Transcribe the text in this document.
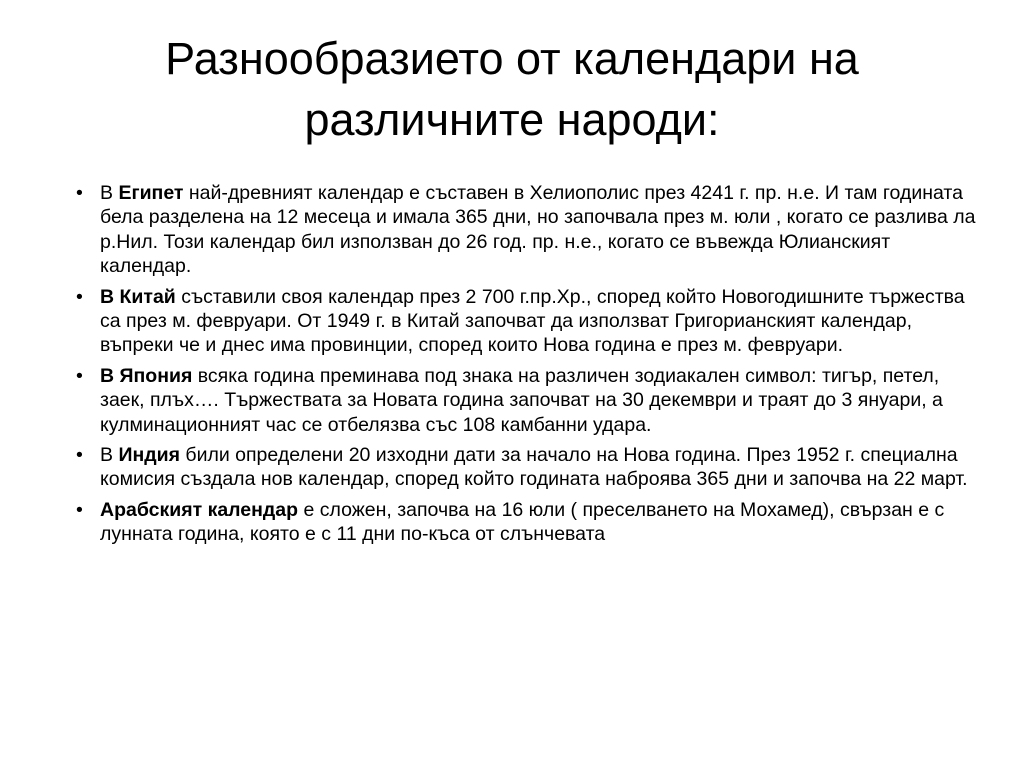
Разнообразието от календари на различните народи:
• В Египет най-древният календар е съставен в Хелиополис през 4241 г. пр. н.е. И там годината бела разделена на 12 месеца и имала 365 дни, но започвала през м. юли , когато се разлива ла р.Нил. Този календар бил използван до 26 год. пр. н.е., когато се въвежда Юлианският календар.
• В Китай съставили своя календар през 2 700 г.пр.Хр., според който Новогодишните тържества са през м. февруари. От 1949 г. в Китай започват да използват Григорианският календар, въпреки че и днес има провинции, според които Нова година е през м. февруари.
• В Япония всяка година преминава под знака на различен зодиакален символ: тигър, петел, заек, плъх…. Тържествата за Новата година започват на 30 декември и траят до 3 януари, а кулминационният час се отбелязва със 108 камбанни удара.
• В Индия били определени 20 изходни дати за начало на Нова година. През 1952 г. специална комисия създала нов календар, според който годината наброява 365 дни и започва на 22 март.
• Арабският календар е сложен, започва на 16 юли ( преселването на Мохамед), свързан е с лунната година, която е с 11 дни по-къса от слънчевата
